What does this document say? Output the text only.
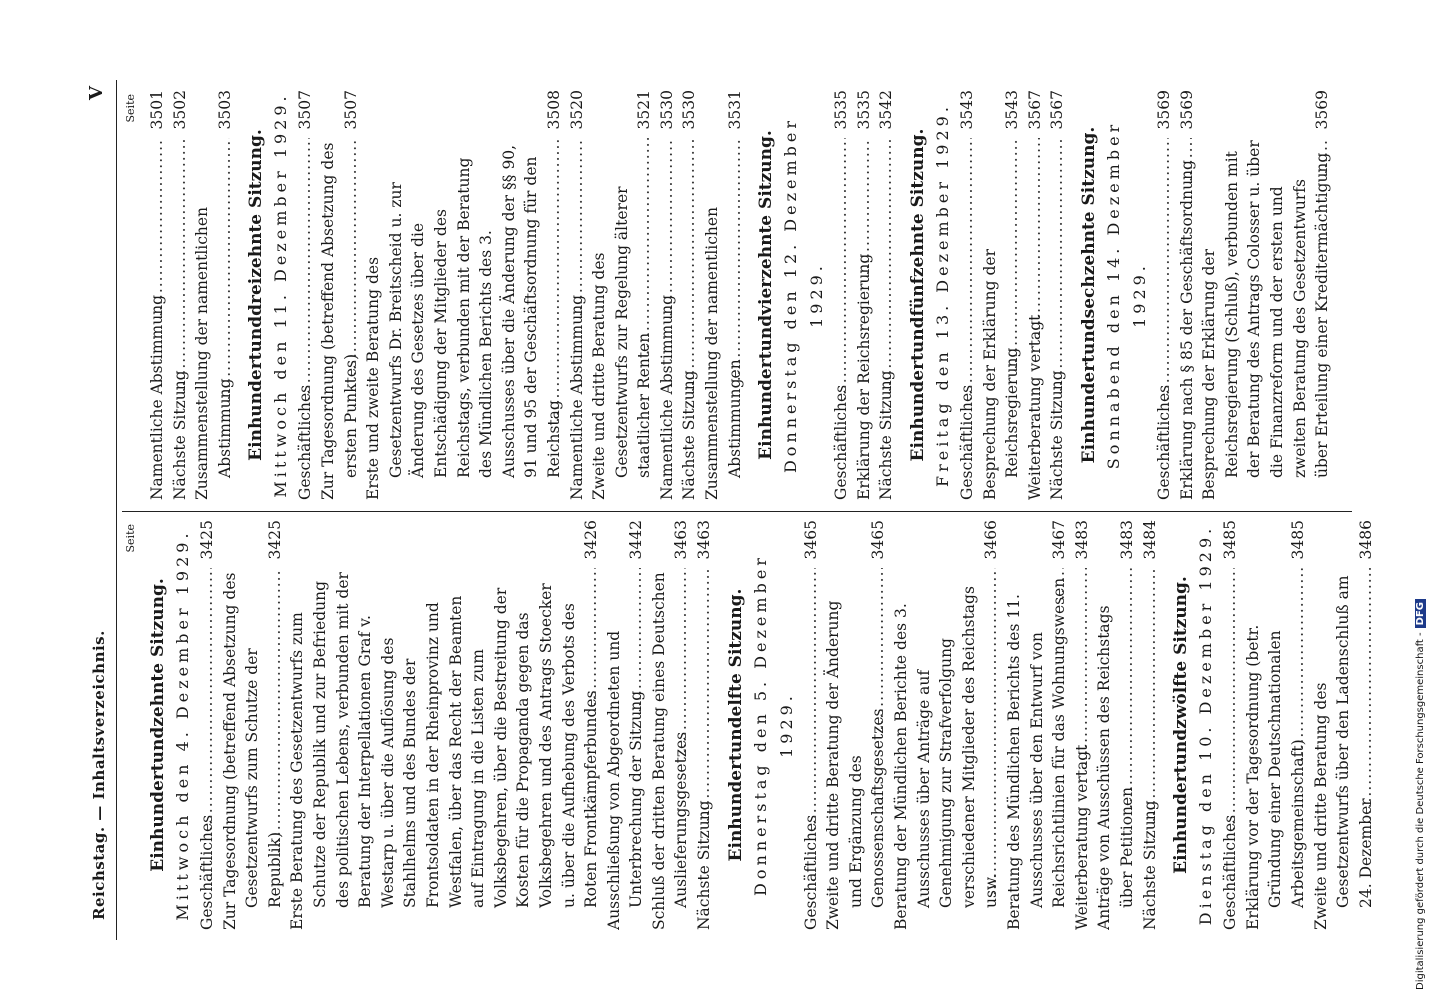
Reichstag. — Inhaltsverzeichnis.
V
Seite
Einhundertundzehnte Sitzung. Mittwoch den 4. Dezember 1929. Geschäftliches .....
3425
Zur Tagesordnung (betreffend Absetzung des Gesetzentwurfs zum Schutze der Republik) .....
3425
Erste Beratung des Gesetzentwurfs zum Schutze der Republik und zur Befriedung des politischen Lebens, verbunden mit der Beratung der Interpellationen Graf v. Westarp u. über die Auflösung des Stahlhelms und des Bundes der Frontsoldaten in der Rheinprovinz und Westfalen, über das Recht der Beamten auf Eintragung in die Listen zum Volksbegehren, über die Bestreitung der Kosten für die Propaganda gegen das Volksbegehren und des Antrags Stoecker u. über die Aufhebung des Verbots des Roten Frontkämpferbundes .....
3426
Ausschließung von Abgeordneten und Unterbrechung der Sitzung .....
3442
Schluß der dritten Beratung eines Deutschen Auslieferungsgesetzes .....
3463
Nächste Sitzung .....
3463
Einhundertundelfte Sitzung. Donnerstag den 5. Dezember 1929.
Geschäftliches .....
3465
Zweite und dritte Beratung der Änderung und Ergänzung des Genossenschaftsgesetzes .....
3465
Beratung der Mündlichen Berichte des 3. Ausschusses über Anträge auf Genehmigung zur Strafverfolgung verschiedener Mitglieder des Reichstags usw. .....
3466
Beratung des Mündlichen Berichts des 11. Ausschusses über den Entwurf von Reichsrichtlinien für das Wohnungswesen .....
3467
Weiterberatung vertagt .....
3483
Anträge von Ausschüssen des Reichstags über Petitionen .....
3483
Nächste Sitzung .....
3484
Einhundertundzwölfte Sitzung. Dienstag den 10. Dezember 1929. Geschäftliches .....
3485
Erklärung vor der Tagesordnung (betr. Gründung einer Deutschnationalen Arbeitsgemeinschaft) .....
3485
Zweite und dritte Beratung des Gesetzentwurfs über den Ladenschluß am 24. Dezember .....
3486
Seite
Namentliche Abstimmung .....
3501
Nächste Sitzung .....
3502
Zusammenstellung der namentlichen Abstimmung .....
3503
Einhundertunddreizehnte Sitzung. Mittwoch den 11. Dezember 1929. Geschäftliches .....
3507
Zur Tagesordnung (betreffend Absetzung des ersten Punktes) .....
3507
Erste und zweite Beratung des Gesetzentwurfs Dr. Breitscheid u. zur Änderung des Gesetzes über die Entschädigung der Mitglieder des Reichstags, verbunden mit der Beratung des Mündlichen Berichts des 3. Ausschusses über die Änderung der §§ 90, 91 und 95 der Geschäftsordnung für den Reichstag .....
3508
Namentliche Abstimmung .....
3520
Zweite und dritte Beratung des Gesetzentwurfs zur Regelung älterer staatlicher Renten .....
3521
Namentliche Abstimmung .....
3530
Nächste Sitzung .....
3530
Zusammenstellung der namentlichen Abstimmungen .....
3531
Einhundertundvierzehnte Sitzung. Donnerstag den 12. Dezember 1929.
Geschäftliches .....
3535
Erklärung der Reichsregierung .....
3535
Nächste Sitzung .....
3542
Einhundertundfünfzehnte Sitzung. Freitag den 13. Dezember 1929. Geschäftliches .....
3543
Besprechung der Erklärung der Reichsregierung .....
3543
Weiterberatung vertagt .....
3567
Nächste Sitzung .....
3567
Einhundertundsechzehnte Sitzung. Sonnabend den 14. Dezember 1929.
Geschäftliches .....
3569
Erklärung nach § 85 der Geschäftsordnung .....
3569
Besprechung der Erklärung der Reichsregierung (Schluß), verbunden mit der Beratung des Antrags Colosser u. über die Finanzreform und der ersten und zweiten Beratung des Gesetzentwurfs über Erteilung einer Kreditermächtigung .....
3569
Digitalisierung gefördert durch die Deutsche Forschungsgemeinschaft -DFG
